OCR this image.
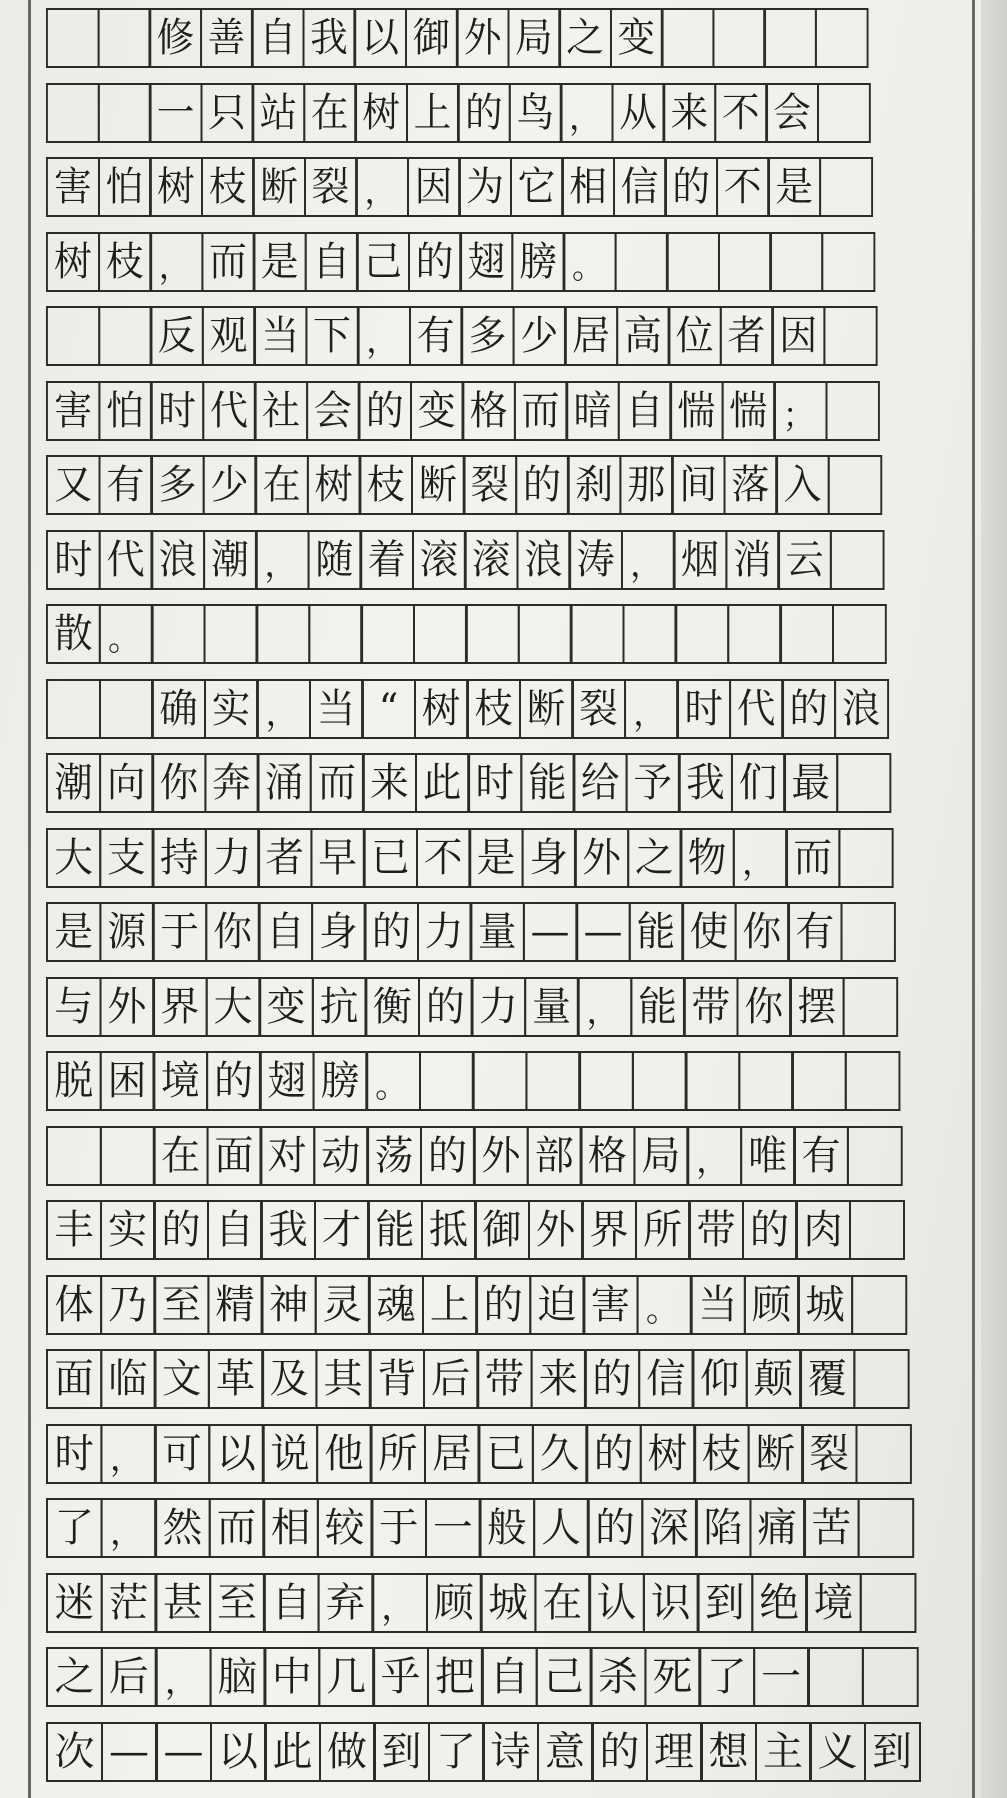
修 善 自 我 以 御 外 局 之 变
一 只 站 在 树 上 的 鸟 ， 从 来 不 会
害 怕 树 枝 断 裂 ， 因 为 它 相 信 的 不 是
树 枝 ， 而 是 自 己 的 翅 膀 。
反 观 当 下 ， 有 多 少 居 高 位 者 因
害 怕 时 代 社 会 的 变 格 而 暗 自 惴 惴 ；
又 有 多 少 在 树 枝 断 裂 的 刹 那 间 落 入
时 代 浪 潮 ， 随 着 滚 滚 浪 涛 ， 烟 消 云
散 。
确 实 ， 当 “ 树 枝 断 裂 ， 时 代 的 浪
潮 向 你 奔 涌 而 来 此 时 能 给 予 我 们 最
大 支 持 力 者 早 已 不 是 身 外 之 物 ， 而
是 源 于 你 自 身 的 力 量 — — 能 使 你 有
与 外 界 大 变 抗 衡 的 力 量 ， 能 带 你 摆
脱 困 境 的 翅 膀 。
在 面 对 动 荡 的 外 部 格 局 ， 唯 有
丰 实 的 自 我 才 能 抵 御 外 界 所 带 的 肉
体 乃 至 精 神 灵 魂 上 的 迫 害 。 当 顾 城
面 临 文 革 及 其 背 后 带 来 的 信 仰 颠 覆
时 ， 可 以 说 他 所 居 已 久 的 树 枝 断 裂
了 ， 然 而 相 较 于 一 般 人 的 深 陷 痛 苦
迷 茫 甚 至 自 弃 ， 顾 城 在 认 识 到 绝 境
之 后 ， 脑 中 几 乎 把 自 己 杀 死 了 一
次 — — 以 此 做 到 了 诗 意 的 理 想 主 义 到
